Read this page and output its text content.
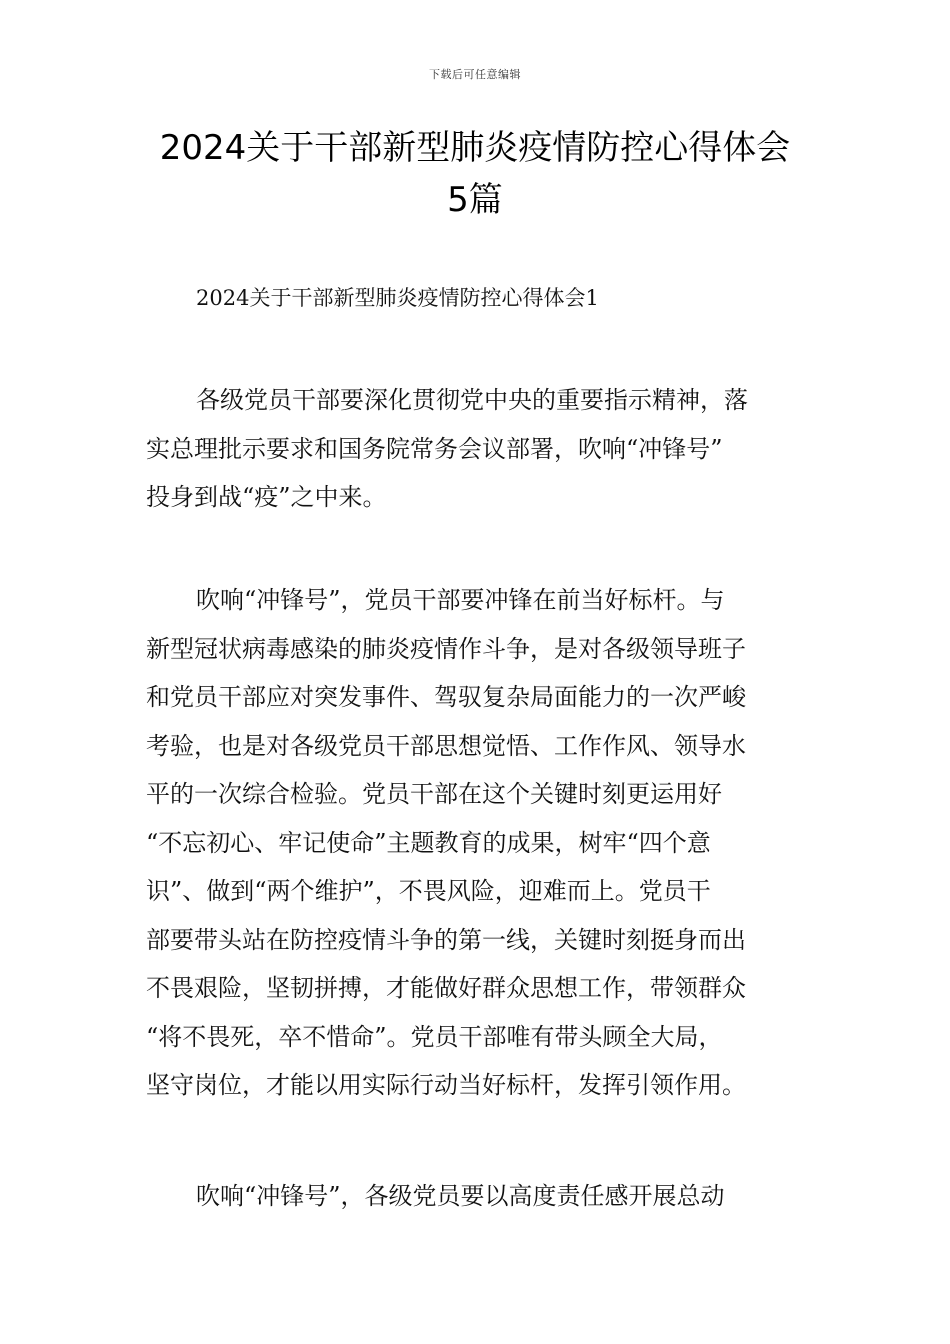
下载后可任意编辑
2024关于干部新型肺炎疫情防控心得体会
5篇
2024关于干部新型肺炎疫情防控心得体会1
各级党员干部要深化贯彻党中央的重要指示精神，落
实总理批示要求和国务院常务会议部署，吹响“冲锋号”
投身到战“疫”之中来。
吹响“冲锋号”，党员干部要冲锋在前当好标杆。与
新型冠状病毒感染的肺炎疫情作斗争，是对各级领导班子
和党员干部应对突发事件、驾驭复杂局面能力的一次严峻
考验，也是对各级党员干部思想觉悟、工作作风、领导水
平的一次综合检验。党员干部在这个关键时刻更运用好
“不忘初心、牢记使命”主题教育的成果，树牢“四个意
识”、做到“两个维护”，不畏风险，迎难而上。党员干
部要带头站在防控疫情斗争的第一线，关键时刻挺身而出
不畏艰险，坚韧拼搏，才能做好群众思想工作，带领群众
“将不畏死，卒不惜命”。党员干部唯有带头顾全大局，
坚守岗位，才能以用实际行动当好标杆，发挥引领作用。
吹响“冲锋号”，各级党员要以高度责任感开展总动
